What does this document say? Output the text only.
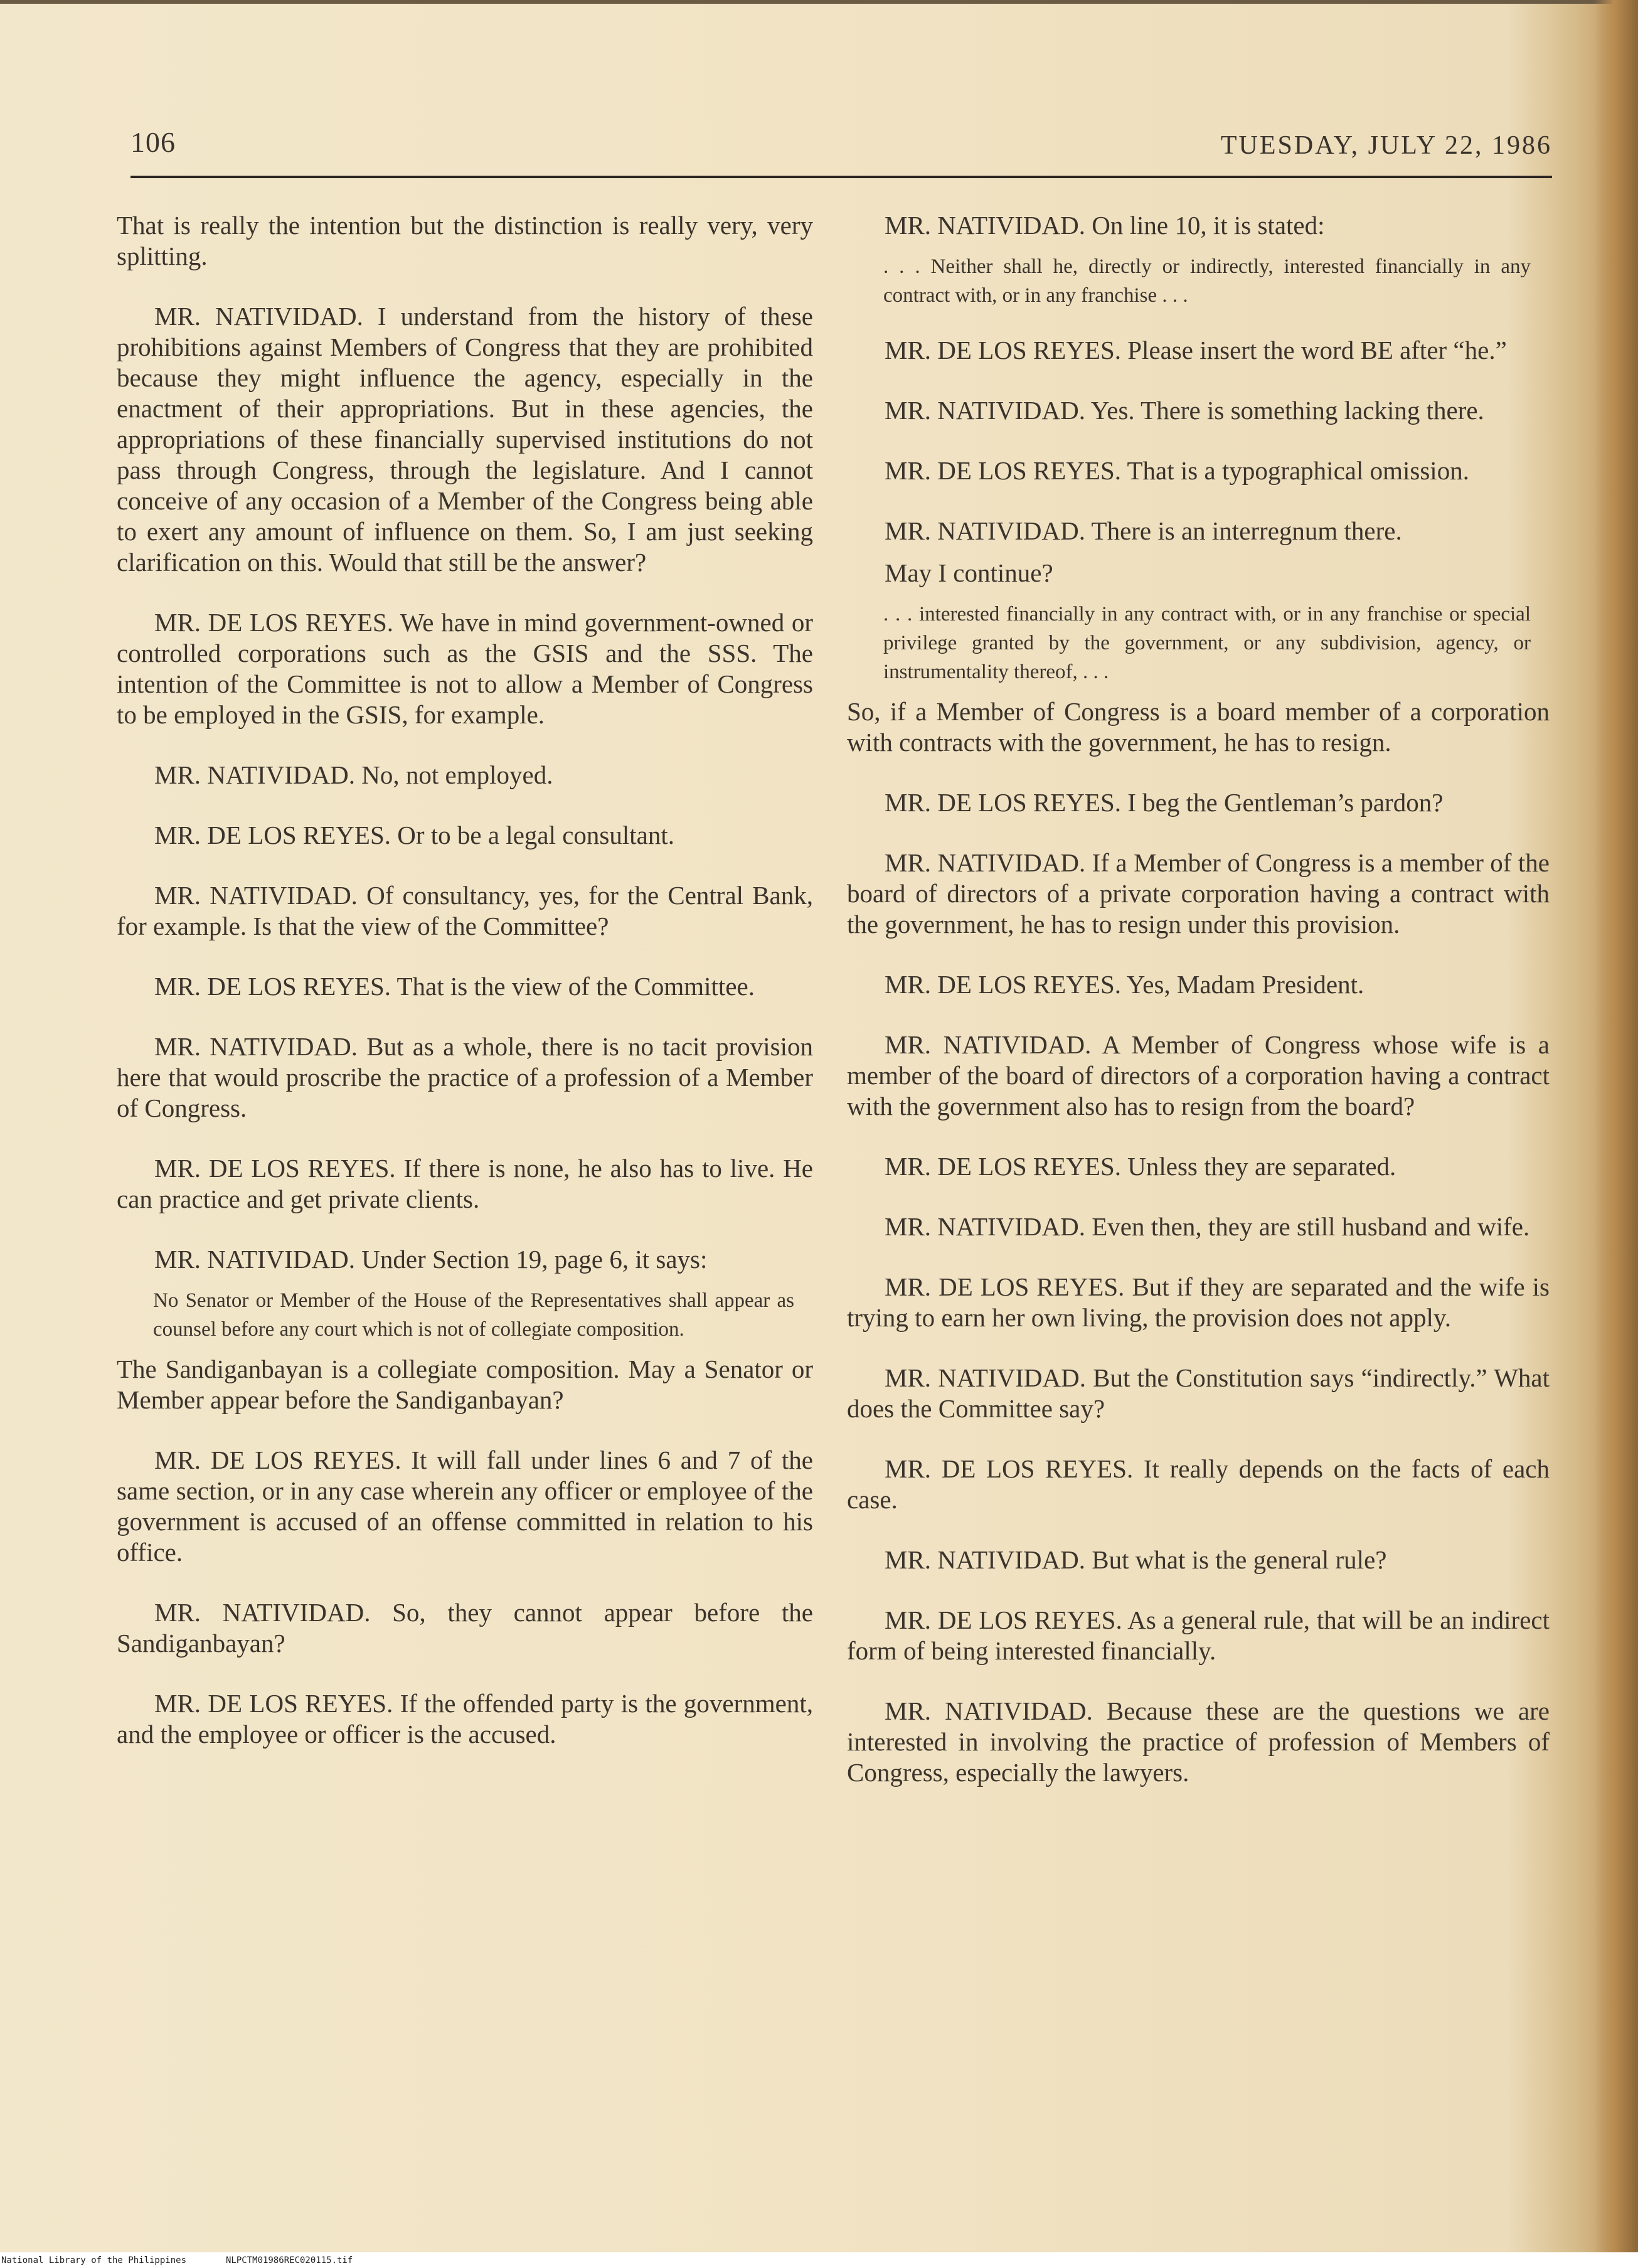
106	TUESDAY, JULY 22, 1986

That is really the intention but the distinction is really very, very splitting.

MR. NATIVIDAD. I understand from the history of these prohibitions against Members of Congress that they are prohibited because they might influence the agency, especially in the enactment of their appropriations. But in these agencies, the appropriations of these financially supervised institutions do not pass through Congress, through the legislature. And I cannot conceive of any occasion of a Member of the Congress being able to exert any amount of influence on them. So, I am just seeking clarification on this. Would that still be the answer?

MR. DE LOS REYES. We have in mind government-owned or controlled corporations such as the GSIS and the SSS. The intention of the Committee is not to allow a Member of Congress to be employed in the GSIS, for example.

MR. NATIVIDAD. No, not employed.

MR. DE LOS REYES. Or to be a legal consultant.

MR. NATIVIDAD. Of consultancy, yes, for the Central Bank, for example. Is that the view of the Committee?

MR. DE LOS REYES. That is the view of the Committee.

MR. NATIVIDAD. But as a whole, there is no tacit provision here that would proscribe the practice of a profession of a Member of Congress.

MR. DE LOS REYES. If there is none, he also has to live. He can practice and get private clients.

MR. NATIVIDAD. Under Section 19, page 6, it says:

No Senator or Member of the House of the Representatives shall appear as counsel before any court which is not of collegiate composition.

The Sandiganbayan is a collegiate composition. May a Senator or Member appear before the Sandiganbayan?

MR. DE LOS REYES. It will fall under lines 6 and 7 of the same section, or in any case wherein any officer or employee of the government is accused of an offense committed in relation to his office.

MR. NATIVIDAD. So, they cannot appear before the Sandiganbayan?

MR. DE LOS REYES. If the offended party is the government, and the employee or officer is the accused.

MR. NATIVIDAD. On line 10, it is stated:

. . . Neither shall he, directly or indirectly, interested financially in any contract with, or in any franchise . . .

MR. DE LOS REYES. Please insert the word BE after “he.”

MR. NATIVIDAD. Yes. There is something lacking there.

MR. DE LOS REYES. That is a typographical omission.

MR. NATIVIDAD. There is an interregnum there.

May I continue?

. . . interested financially in any contract with, or in any franchise or special privilege granted by the government, or any subdivision, agency, or instrumentality thereof, . . .

So, if a Member of Congress is a board member of a corporation with contracts with the government, he has to resign.

MR. DE LOS REYES. I beg the Gentleman’s pardon?

MR. NATIVIDAD. If a Member of Congress is a member of the board of directors of a private corporation having a contract with the government, he has to resign under this provision.

MR. DE LOS REYES. Yes, Madam President.

MR. NATIVIDAD. A Member of Congress whose wife is a member of the board of directors of a corporation having a contract with the government also has to resign from the board?

MR. DE LOS REYES. Unless they are separated.

MR. NATIVIDAD. Even then, they are still husband and wife.

MR. DE LOS REYES. But if they are separated and the wife is trying to earn her own living, the provision does not apply.

MR. NATIVIDAD. But the Constitution says “indirectly.” What does the Committee say?

MR. DE LOS REYES. It really depends on the facts of each case.

MR. NATIVIDAD. But what is the general rule?

MR. DE LOS REYES. As a general rule, that will be an indirect form of being interested financially.

MR. NATIVIDAD. Because these are the questions we are interested in involving the practice of profession of Members of Congress, especially the lawyers.

National Library of the Philippines	NLPCTM01986REC020115.tif
